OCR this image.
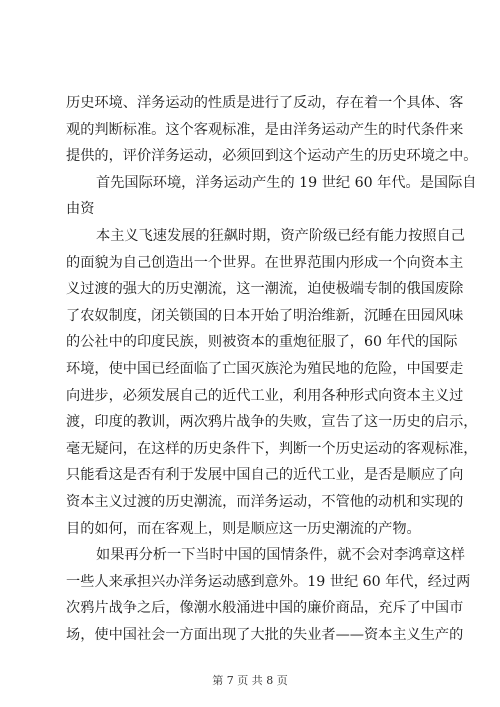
历史环境、洋务运动的性质是进行了反动，存在着一个具体、客
观的判断标准。这个客观标准，是由洋务运动产生的时代条件来
提供的，评价洋务运动，必须回到这个运动产生的历史环境之中。
首先国际环境，洋务运动产生的 19 世纪 60 年代。是国际自
由资
本主义飞速发展的狂飙时期，资产阶级已经有能力按照自己
的面貌为自己创造出一个世界。在世界范围内形成一个向资本主
义过渡的强大的历史潮流，这一潮流，迫使极端专制的俄国废除
了农奴制度，闭关锁国的日本开始了明治维新，沉睡在田园风味
的公社中的印度民族，则被资本的重炮征服了，60 年代的国际
环境，使中国已经面临了亡国灭族沦为殖民地的危险，中国要走
向进步，必须发展自己的近代工业，利用各种形式向资本主义过
渡，印度的教训，两次鸦片战争的失败，宣告了这一历史的启示，
毫无疑问，在这样的历史条件下，判断一个历史运动的客观标准，
只能看这是否有利于发展中国自己的近代工业，是否是顺应了向
资本主义过渡的历史潮流，而洋务运动，不管他的动机和实现的
目的如何，而在客观上，则是顺应这一历史潮流的产物。
如果再分析一下当时中国的国情条件，就不会对李鸿章这样
一些人来承担兴办洋务运动感到意外。19 世纪 60 年代，经过两
次鸦片战争之后，像潮水般涌进中国的廉价商品，充斥了中国市
场，使中国社会一方面出现了大批的失业者——资本主义生产的
第 7 页 共 8 页
